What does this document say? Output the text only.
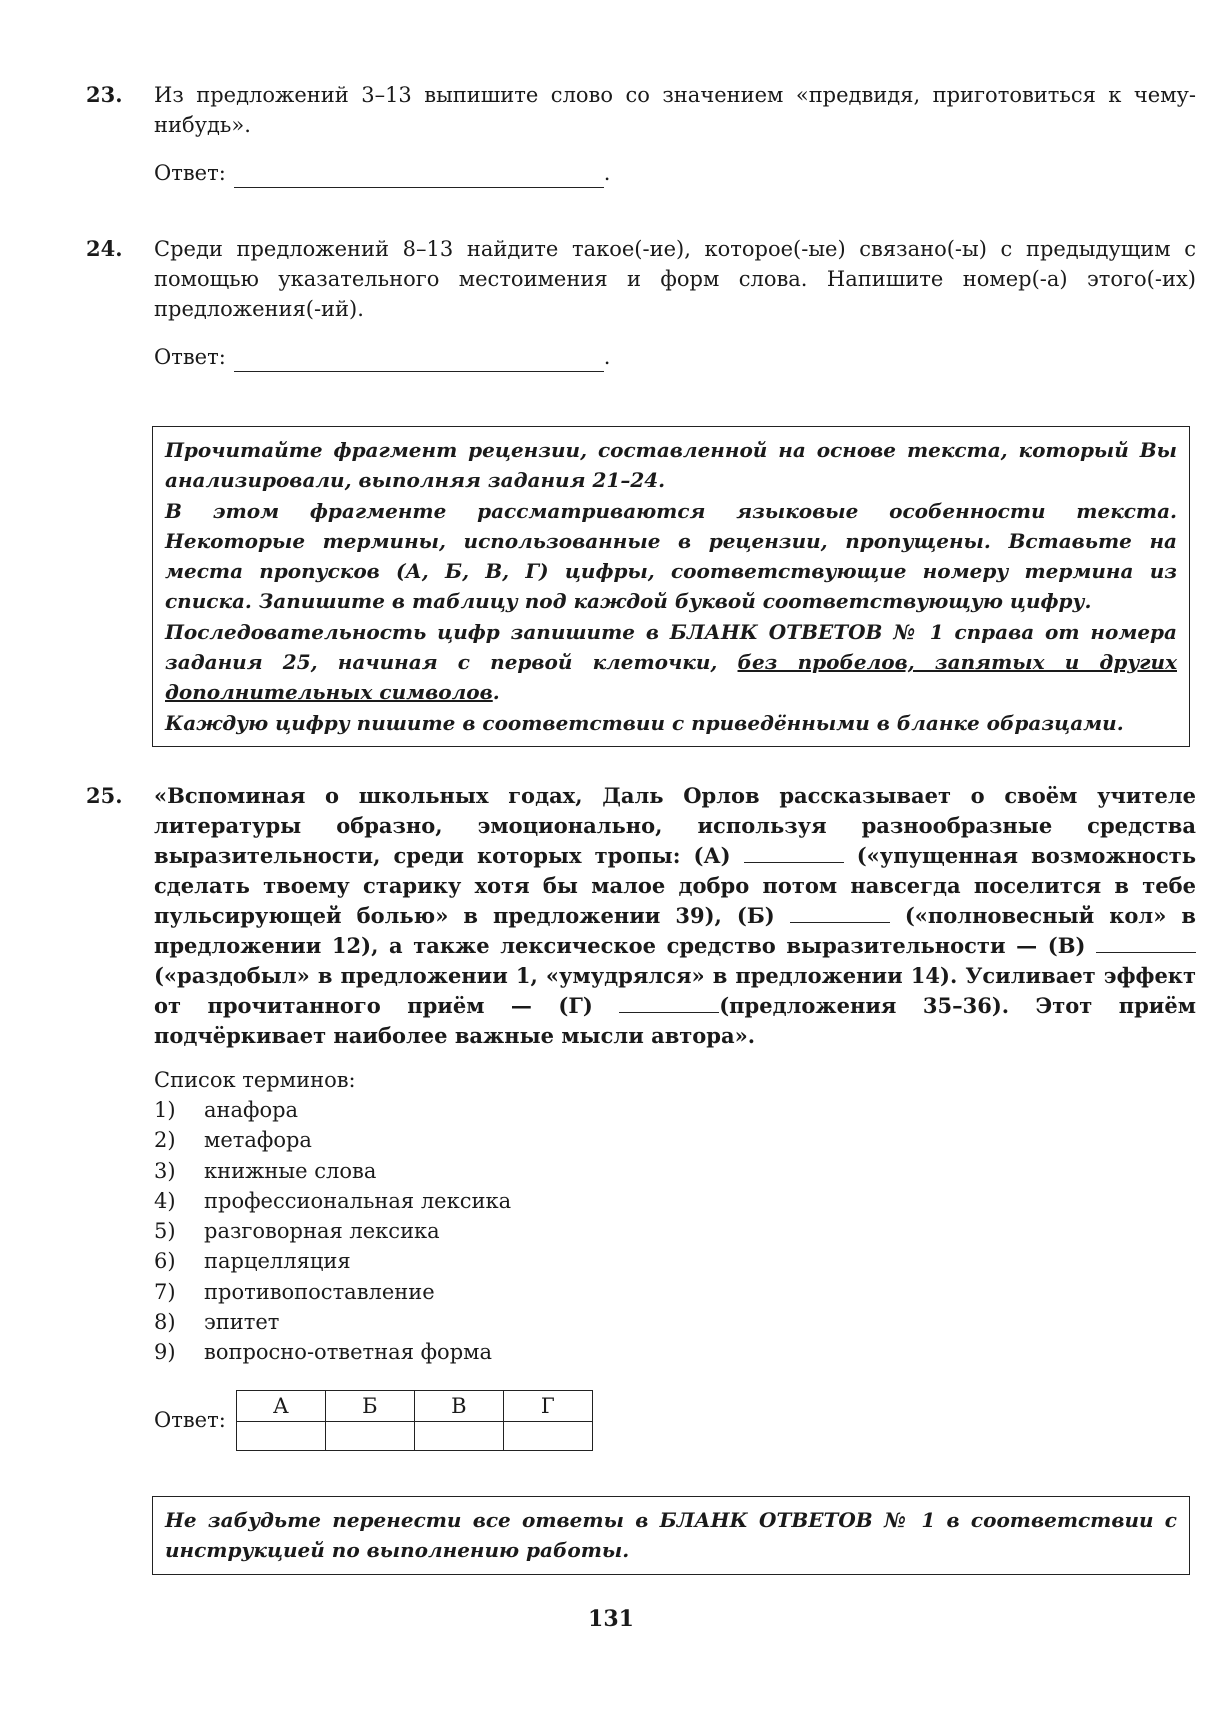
23. Из предложений 3–13 выпишите слово со значением «предвидя, приготовиться к чему-нибудь».
Ответ:	.
24. Среди предложений 8–13 найдите такое(-ие), которое(-ые) связано(-ы) с предыдущим с помощью указательного местоимения и форм слова. Напишите номер(-а) этого(-их) предложения(-ий).
Ответ:	.

Прочитайте фрагмент рецензии, составленной на основе текста, который Вы анализировали, выполняя задания 21–24.

В этом фрагменте рассматриваются языковые особенности текста. Некоторые термины, использованные в рецензии, пропущены. Вставьте на места пропусков (А, Б, В, Г) цифры, соответствующие номеру термина из списка. Запишите в таблицу под каждой буквой соответствующую цифру.

Последовательность цифр запишите в БЛАНК ОТВЕТОВ № 1 справа от номера задания 25, начиная с первой клеточки, без пробелов, запятых и других дополнительных символов.

Каждую цифру пишите в соответствии с приведёнными в бланке образцами.

25. «Вспоминая о школьных годах, Даль Орлов рассказывает о своём учителе литературы образно, эмоционально, используя разнообразные средства выразительности, среди которых тропы: (А)	(«упущенная возможность сделать твоему старику хотя бы малое добро потом навсегда поселится в тебе пульсирующей болью» в предложении 39), (Б)	(«полновесный кол» в предложении 12), а также лексическое средство выразительности — (В)  («раздобыл» в предложении 1, «умудрялся» в предложении 14). Усиливает эффект от прочитанного приём — (Г)	(предложения 35–36). Этот приём подчёркивает наиболее важные мысли автора».
Список терминов:
1)	анафора
2)	метафора
3)	книжные слова
4)	профессиональная лексика
5)	разговорная лексика
6)	парцелляция
7)	противопоставление
8)	эпитет
9)	вопросно-ответная форма
Ответ:
А	Б	В	Г

Не забудьте перенести все ответы в БЛАНК ОТВЕТОВ № 1 в соответствии с инструкцией по выполнению работы.

131
